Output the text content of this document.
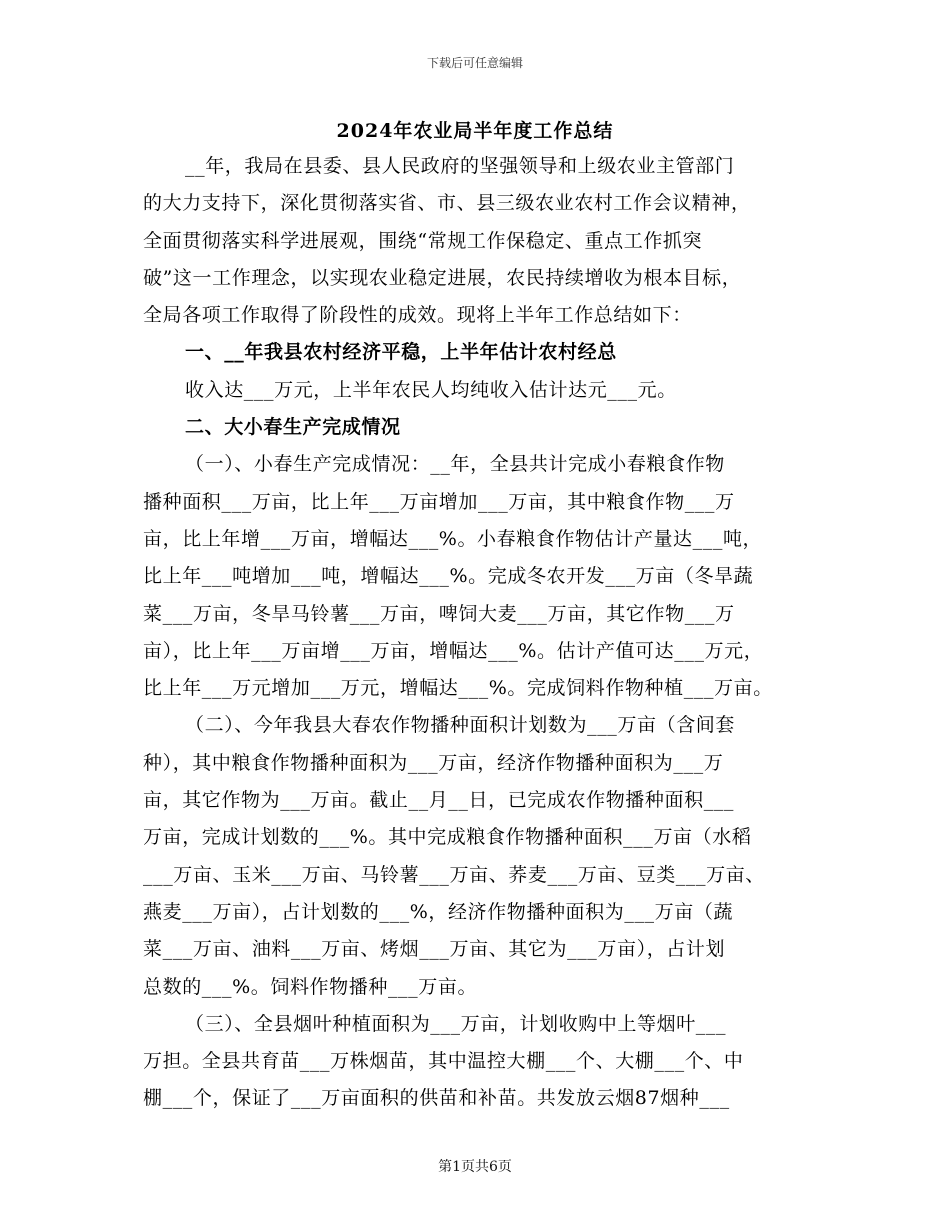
下载后可任意编辑
2024年农业局半年度工作总结
__年，我局在县委、县人民政府的坚强领导和上级农业主管部门
的大力支持下，深化贯彻落实省、市、县三级农业农村工作会议精神，
全面贯彻落实科学进展观，围绕“常规工作保稳定、重点工作抓突
破”这一工作理念，以实现农业稳定进展，农民持续增收为根本目标，
全局各项工作取得了阶段性的成效。现将上半年工作总结如下：
一、__年我县农村经济平稳，上半年估计农村经总
收入达___万元，上半年农民人均纯收入估计达元___元。
二、大小春生产完成情况
（一）、小春生产完成情况：__年，全县共计完成小春粮食作物
播种面积___万亩，比上年___万亩增加___万亩，其中粮食作物___万
亩，比上年增___万亩，增幅达___%。小春粮食作物估计产量达___吨，
比上年___吨增加___吨，增幅达___%。完成冬农开发___万亩（冬旱蔬
菜___万亩，冬旱马铃薯___万亩，啤饲大麦___万亩，其它作物___万
亩），比上年___万亩增___万亩，增幅达___%。估计产值可达___万元，
比上年___万元增加___万元，增幅达___%。完成饲料作物种植___万亩。
（二）、今年我县大春农作物播种面积计划数为___万亩（含间套
种），其中粮食作物播种面积为___万亩，经济作物播种面积为___万
亩，其它作物为___万亩。截止__月__日，已完成农作物播种面积___
万亩，完成计划数的___%。其中完成粮食作物播种面积___万亩（水稻
___万亩、玉米___万亩、马铃薯___万亩、荞麦___万亩、豆类___万亩、
燕麦___万亩），占计划数的___%，经济作物播种面积为___万亩（蔬
菜___万亩、油料___万亩、烤烟___万亩、其它为___万亩），占计划
总数的___%。饲料作物播种___万亩。
（三）、全县烟叶种植面积为___万亩，计划收购中上等烟叶___
万担。全县共育苗___万株烟苗，其中温控大棚___个、大棚___个、中
棚___个，保证了___万亩面积的供苗和补苗。共发放云烟87烟种___
第1页共6页
